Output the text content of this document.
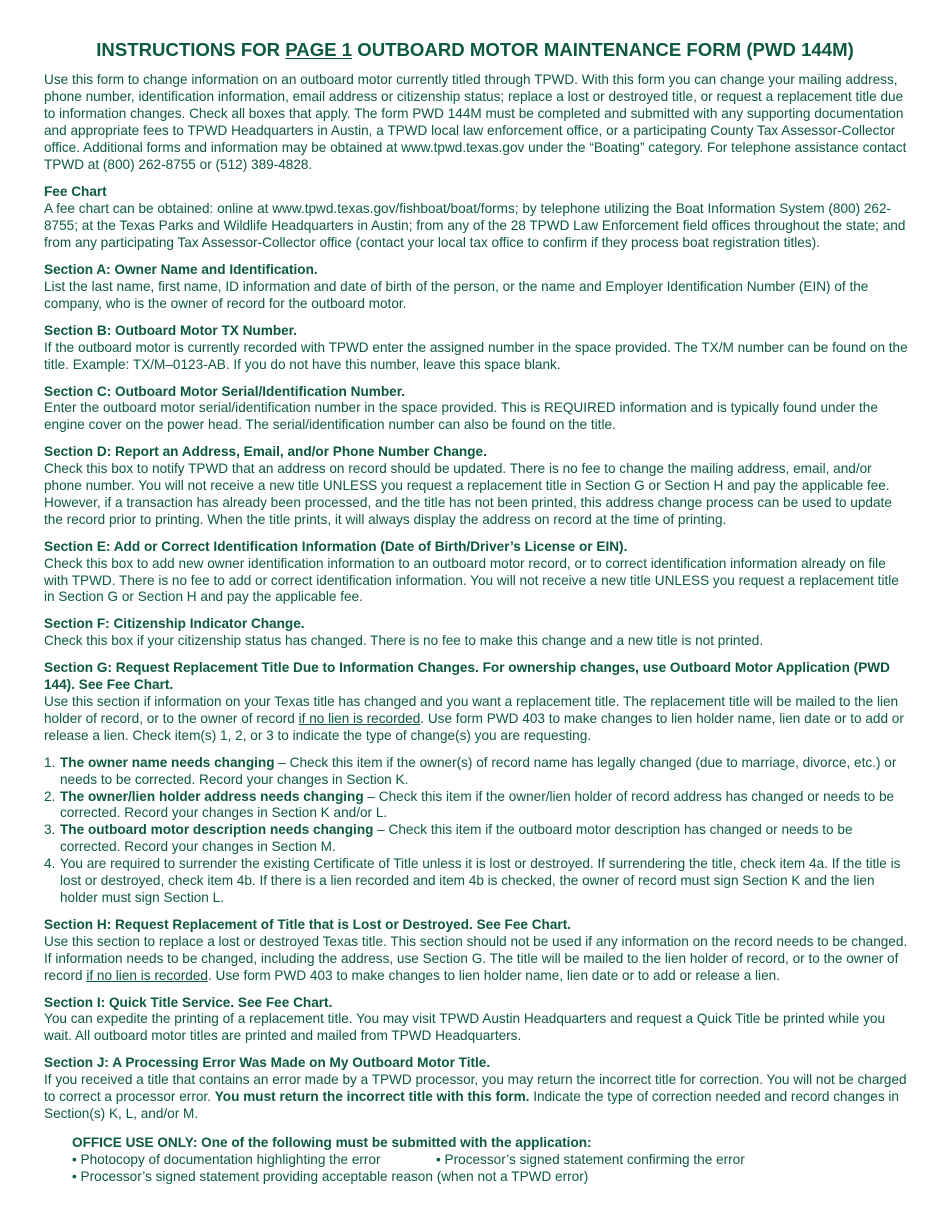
INSTRUCTIONS FOR PAGE 1 OUTBOARD MOTOR MAINTENANCE FORM (PWD 144M)

Use this form to change information on an outboard motor currently titled through TPWD. With this form you can change your mailing address, phone number, identification information, email address or citizenship status; replace a lost or destroyed title, or request a replacement title due to information changes. Check all boxes that apply. The form PWD 144M must be completed and submitted with any supporting documentation and appropriate fees to TPWD Headquarters in Austin, a TPWD local law enforcement office, or a participating County Tax Assessor-Collector office. Additional forms and information may be obtained at www.tpwd.texas.gov under the “Boating” category. For telephone assistance contact TPWD at (800) 262-8755 or (512) 389-4828.

Fee Chart

A fee chart can be obtained: online at www.tpwd.texas.gov/fishboat/boat/forms; by telephone utilizing the Boat Information System (800) 262-8755; at the Texas Parks and Wildlife Headquarters in Austin; from any of the 28 TPWD Law Enforcement field offices throughout the state; and from any participating Tax Assessor-Collector office (contact your local tax office to confirm if they process boat registration titles).

Section A: Owner Name and Identification.

List the last name, first name, ID information and date of birth of the person, or the name and Employer Identification Number (EIN) of the company, who is the owner of record for the outboard motor.

Section B: Outboard Motor TX Number.

If the outboard motor is currently recorded with TPWD enter the assigned number in the space provided. The TX/M number can be found on the title. Example: TX/M–0123-AB. If you do not have this number, leave this space blank.

Section C: Outboard Motor Serial/Identification Number.

Enter the outboard motor serial/identification number in the space provided. This is REQUIRED information and is typically found under the engine cover on the power head. The serial/identification number can also be found on the title.

Section D: Report an Address, Email, and/or Phone Number Change.

Check this box to notify TPWD that an address on record should be updated. There is no fee to change the mailing address, email, and/or phone number. You will not receive a new title UNLESS you request a replacement title in Section G or Section H and pay the applicable fee. However, if a transaction has already been processed, and the title has not been printed, this address change process can be used to update the record prior to printing. When the title prints, it will always display the address on record at the time of printing.

Section E: Add or Correct Identification Information (Date of Birth/Driver’s License or EIN).

Check this box to add new owner identification information to an outboard motor record, or to correct identification information already on file with TPWD. There is no fee to add or correct identification information. You will not receive a new title UNLESS you request a replacement title in Section G or Section H and pay the applicable fee.

Section F: Citizenship Indicator Change.

Check this box if your citizenship status has changed. There is no fee to make this change and a new title is not printed.

Section G: Request Replacement Title Due to Information Changes. For ownership changes, use Outboard Motor Application (PWD 144). See Fee Chart.

Use this section if information on your Texas title has changed and you want a replacement title. The replacement title will be mailed to the lien holder of record, or to the owner of record if no lien is recorded. Use form PWD 403 to make changes to lien holder name, lien date or to add or release a lien. Check item(s) 1, 2, or 3 to indicate the type of change(s) you are requesting.

1. The owner name needs changing – Check this item if the owner(s) of record name has legally changed (due to marriage, divorce, etc.) or needs to be corrected. Record your changes in Section K.
2. The owner/lien holder address needs changing – Check this item if the owner/lien holder of record address has changed or needs to be corrected. Record your changes in Section K and/or L.
3. The outboard motor description needs changing – Check this item if the outboard motor description has changed or needs to be corrected. Record your changes in Section M.
4. You are required to surrender the existing Certificate of Title unless it is lost or destroyed. If surrendering the title, check item 4a. If the title is lost or destroyed, check item 4b. If there is a lien recorded and item 4b is checked, the owner of record must sign Section K and the lien holder must sign Section L.

Section H: Request Replacement of Title that is Lost or Destroyed. See Fee Chart.

Use this section to replace a lost or destroyed Texas title. This section should not be used if any information on the record needs to be changed. If information needs to be changed, including the address, use Section G. The title will be mailed to the lien holder of record, or to the owner of record if no lien is recorded. Use form PWD 403 to make changes to lien holder name, lien date or to add or release a lien.

Section I: Quick Title Service. See Fee Chart.

You can expedite the printing of a replacement title. You may visit TPWD Austin Headquarters and request a Quick Title be printed while you wait. All outboard motor titles are printed and mailed from TPWD Headquarters.

Section J: A Processing Error Was Made on My Outboard Motor Title.

If you received a title that contains an error made by a TPWD processor, you may return the incorrect title for correction. You will not be charged to correct a processor error. You must return the incorrect title with this form. Indicate the type of correction needed and record changes in Section(s) K, L, and/or M.

OFFICE USE ONLY: One of the following must be submitted with the application:

• Photocopy of documentation highlighting the error	• Processor’s signed statement confirming the error

• Processor’s signed statement providing acceptable reason (when not a TPWD error)
